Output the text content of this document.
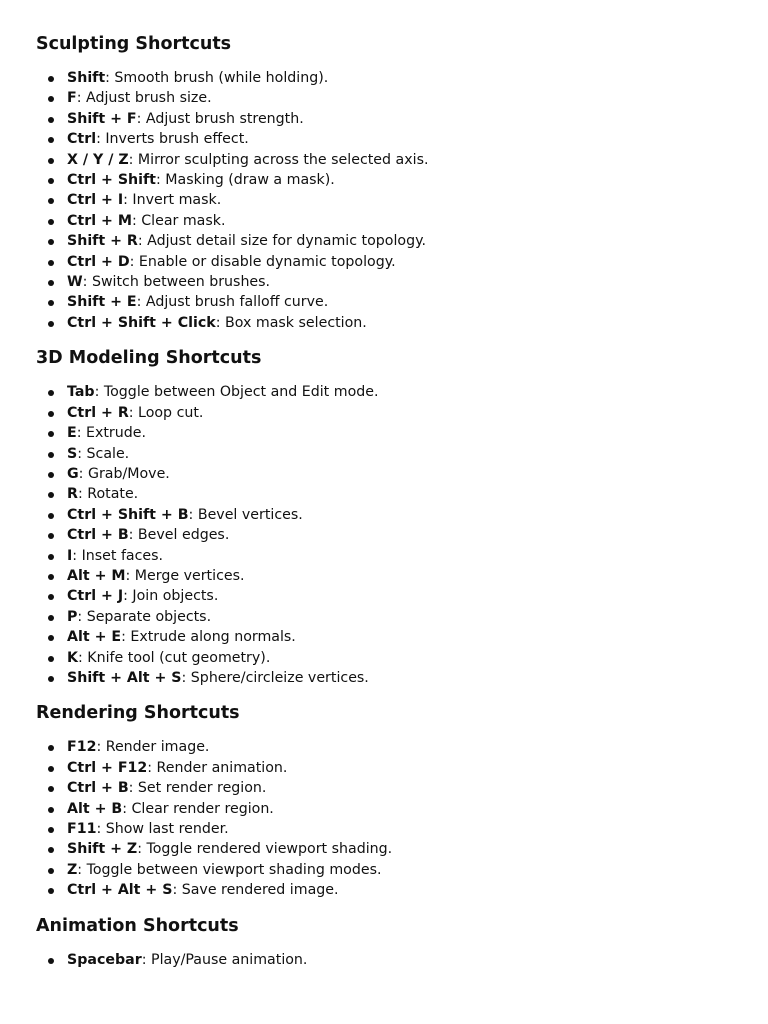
Sculpting Shortcuts
Shift: Smooth brush (while holding).
F: Adjust brush size.
Shift + F: Adjust brush strength.
Ctrl: Inverts brush effect.
X / Y / Z: Mirror sculpting across the selected axis.
Ctrl + Shift: Masking (draw a mask).
Ctrl + I: Invert mask.
Ctrl + M: Clear mask.
Shift + R: Adjust detail size for dynamic topology.
Ctrl + D: Enable or disable dynamic topology.
W: Switch between brushes.
Shift + E: Adjust brush falloff curve.
Ctrl + Shift + Click: Box mask selection.
3D Modeling Shortcuts
Tab: Toggle between Object and Edit mode.
Ctrl + R: Loop cut.
E: Extrude.
S: Scale.
G: Grab/Move.
R: Rotate.
Ctrl + Shift + B: Bevel vertices.
Ctrl + B: Bevel edges.
I: Inset faces.
Alt + M: Merge vertices.
Ctrl + J: Join objects.
P: Separate objects.
Alt + E: Extrude along normals.
K: Knife tool (cut geometry).
Shift + Alt + S: Sphere/circleize vertices.
Rendering Shortcuts
F12: Render image.
Ctrl + F12: Render animation.
Ctrl + B: Set render region.
Alt + B: Clear render region.
F11: Show last render.
Shift + Z: Toggle rendered viewport shading.
Z: Toggle between viewport shading modes.
Ctrl + Alt + S: Save rendered image.
Animation Shortcuts
Spacebar: Play/Pause animation.
